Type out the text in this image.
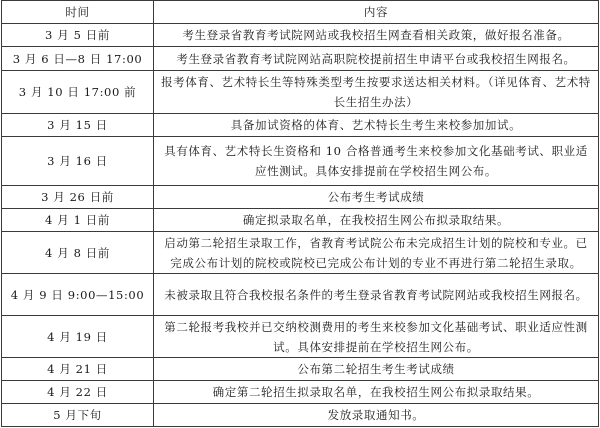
时间	内容
3 月 5 日前	考生登录省教育考试院网站或我校招生网查看相关政策，做好报名准备。
3 月 6 日—8 日 17:00	考生登录省教育考试院网站高职院校提前招生申请平台或我校招生网报名。
3 月 10 日 17:00 前	报考体育、艺术特长生等特殊类型考生按要求送达相关材料。（详见体育、艺术特长生招生办法）
3 月 15 日	具备加试资格的体育、艺术特长生考生来校参加加试。
3 月 16 日	具有体育、艺术特长生资格和 10 合格普通考生来校参加文化基础考试、职业适应性测试。具体安排提前在学校招生网公布。
3 月 26 日前	公布考生考试成绩
4 月 1 日前	确定拟录取名单，在我校招生网公布拟录取结果。
4 月 8 日前	启动第二轮招生录取工作，省教育考试院公布未完成招生计划的院校和专业。已完成公布计划的院校或院校已完成公布计划的专业不再进行第二轮招生录取。
4 月 9 日 9:00—15:00	未被录取且符合我校报名条件的考生登录省教育考试院网站或我校招生网报名。
4 月 19 日	第二轮报考我校并已交纳校测费用的考生来校参加文化基础考试、职业适应性测试。具体安排提前在学校招生网公布。
4 月 21 日	公布第二轮招生考生考试成绩
4 月 22 日	确定第二轮招生拟录取名单，在我校招生网公布拟录取结果。
5 月下旬	发放录取通知书。
